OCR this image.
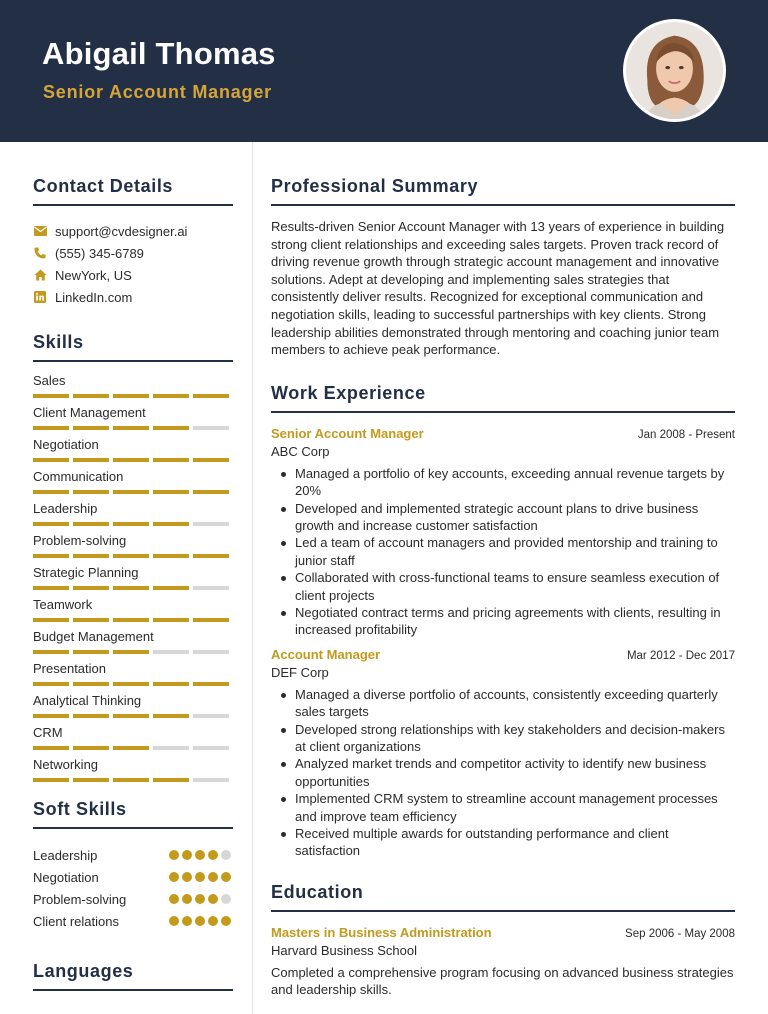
Abigail Thomas
Senior Account Manager
Contact Details
support@cvdesigner.ai
(555) 345-6789
NewYork, US
LinkedIn.com
Skills
Sales
Client Management
Negotiation
Communication
Leadership
Problem-solving
Strategic Planning
Teamwork
Budget Management
Presentation
Analytical Thinking
CRM
Networking
Soft Skills
Leadership
Negotiation
Problem-solving
Client relations
Languages
Professional Summary
Results-driven Senior Account Manager with 13 years of experience in building strong client relationships and exceeding sales targets. Proven track record of driving revenue growth through strategic account management and innovative solutions. Adept at developing and implementing sales strategies that consistently deliver results. Recognized for exceptional communication and negotiation skills, leading to successful partnerships with key clients. Strong leadership abilities demonstrated through mentoring and coaching junior team members to achieve peak performance.
Work Experience
Senior Account Manager	Jan 2008 - Present
ABC Corp
Managed a portfolio of key accounts, exceeding annual revenue targets by 20%
Developed and implemented strategic account plans to drive business growth and increase customer satisfaction
Led a team of account managers and provided mentorship and training to junior staff
Collaborated with cross-functional teams to ensure seamless execution of client projects
Negotiated contract terms and pricing agreements with clients, resulting in increased profitability
Account Manager	Mar 2012 - Dec 2017
DEF Corp
Managed a diverse portfolio of accounts, consistently exceeding quarterly sales targets
Developed strong relationships with key stakeholders and decision-makers at client organizations
Analyzed market trends and competitor activity to identify new business opportunities
Implemented CRM system to streamline account management processes and improve team efficiency
Received multiple awards for outstanding performance and client satisfaction
Education
Masters in Business Administration	Sep 2006 - May 2008
Harvard Business School
Completed a comprehensive program focusing on advanced business strategies and leadership skills.
